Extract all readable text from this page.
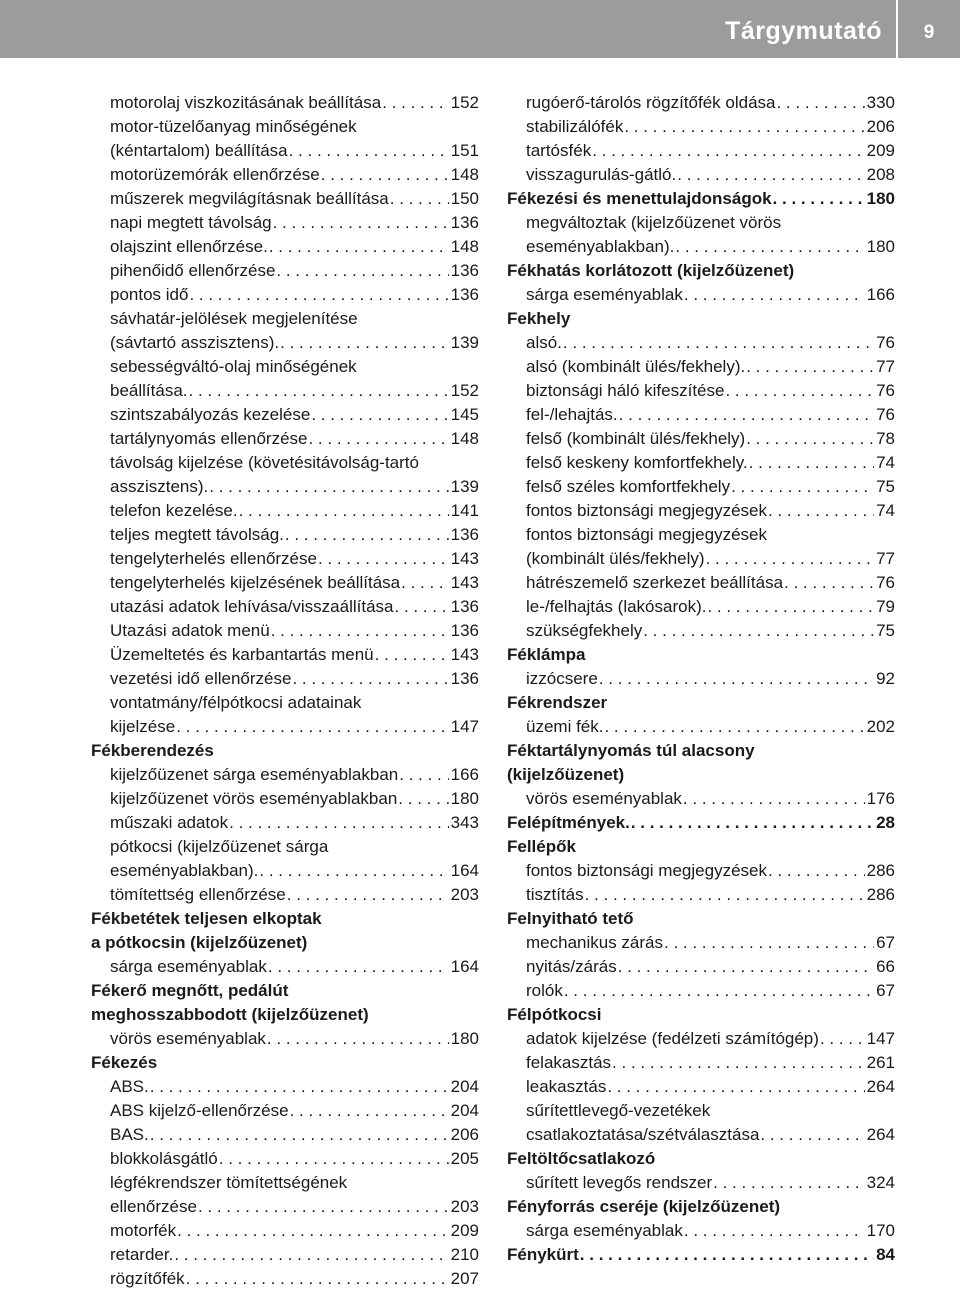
Tárgymutató	9
motorolaj viszkozitásának beállítása . . .	152
motor-tüzelőanyag minőségének
(kéntartalom) beállítása . . .	151
motorüzemórák ellenőrzése . . .	148
műszerek megvilágításnak beállítása . . .	150
napi megtett távolság . . .	136
olajszint ellenőrzése. . . .	148
pihenőidő ellenőrzése . . .	136
pontos idő . . .	136
sávhatár-jelölések megjelenítése
(sávtartó asszisztens). . . .	139
sebességváltó-olaj minőségének
beállítása. . . .	152
szintszabályozás kezelése . . .	145
tartálynyomás ellenőrzése . . .	148
távolság kijelzése (követésitávolság-tartó
asszisztens). . . .	139
telefon kezelése. . . .	141
teljes megtett távolság. . . .	136
tengelyterhelés ellenőrzése . . .	143
tengelyterhelés kijelzésének beállítása . . .	143
utazási adatok lehívása/visszaállítása . . .	136
Utazási adatok menü . . .	136
Üzemeltetés és karbantartás menü . . .	143
vezetési idő ellenőrzése . . .	136
vontatmány/félpótkocsi adatainak
kijelzése . . .	147
Fékberendezés
kijelzőüzenet sárga eseményablakban . . .	166
kijelzőüzenet vörös eseményablakban . . .	180
műszaki adatok . . .	343
pótkocsi (kijelzőüzenet sárga
eseményablakban). . . .	164
tömítettség ellenőrzése . . .	203
Fékbetétek teljesen elkoptak
a pótkocsin (kijelzőüzenet)
sárga eseményablak . . .	164
Fékerő megnőtt, pedálút
meghosszabbodott (kijelzőüzenet)
vörös eseményablak . . .	180
Fékezés
ABS. . . .	204
ABS kijelző-ellenőrzése . . .	204
BAS. . . .	206
blokkolásgátló . . .	205
légfékrendszer tömítettségének
ellenőrzése . . .	203
motorfék . . .	209
retarder. . . .	210
rögzítőfék . . .	207
rugóerő-tárolós rögzítőfék oldása . . .	330
stabilizálófék . . .	206
tartósfék . . .	209
visszagurulás-gátló. . . .	208
Fékezési és menettulajdonságok . . .	180
megváltoztak (kijelzőüzenet vörös
eseményablakban). . . .	180
Fékhatás korlátozott (kijelzőüzenet)
sárga eseményablak . . .	166
Fekhely
alsó. . . .	76
alsó (kombinált ülés/fekhely). . . .	77
biztonsági háló kifeszítése . . .	76
fel-/lehajtás. . . .	76
felső (kombinált ülés/fekhely) . . .	78
felső keskeny komfortfekhely. . . .	74
felső széles komfortfekhely . . .	75
fontos biztonsági megjegyzések . . .	74
fontos biztonsági megjegyzések
(kombinált ülés/fekhely) . . .	77
hátrészemelő szerkezet beállítása . . .	76
le-/felhajtás (lakósarok). . . .	79
szükségfekhely . . .	75
Féklámpa
izzócsere . . .	92
Fékrendszer
üzemi fék. . . .	202
Féktartálynyomás túl alacsony
(kijelzőüzenet)
vörös eseményablak . . .	176
Felépítmények. . . .	28
Fellépők
fontos biztonsági megjegyzések . . .	286
tisztítás . . .	286
Felnyitható tető
mechanikus zárás . . .	67
nyitás/zárás . . .	66
rolók . . .	67
Félpótkocsi
adatok kijelzése (fedélzeti számítógép) . . .	147
felakasztás . . .	261
leakasztás . . .	264
sűrítettlevegő-vezetékek
csatlakoztatása/szétválasztása . . .	264
Feltöltőcsatlakozó
sűrített levegős rendszer . . .	324
Fényforrás cseréje (kijelzőüzenet)
sárga eseményablak . . .	170
Fénykürt . . .	84
